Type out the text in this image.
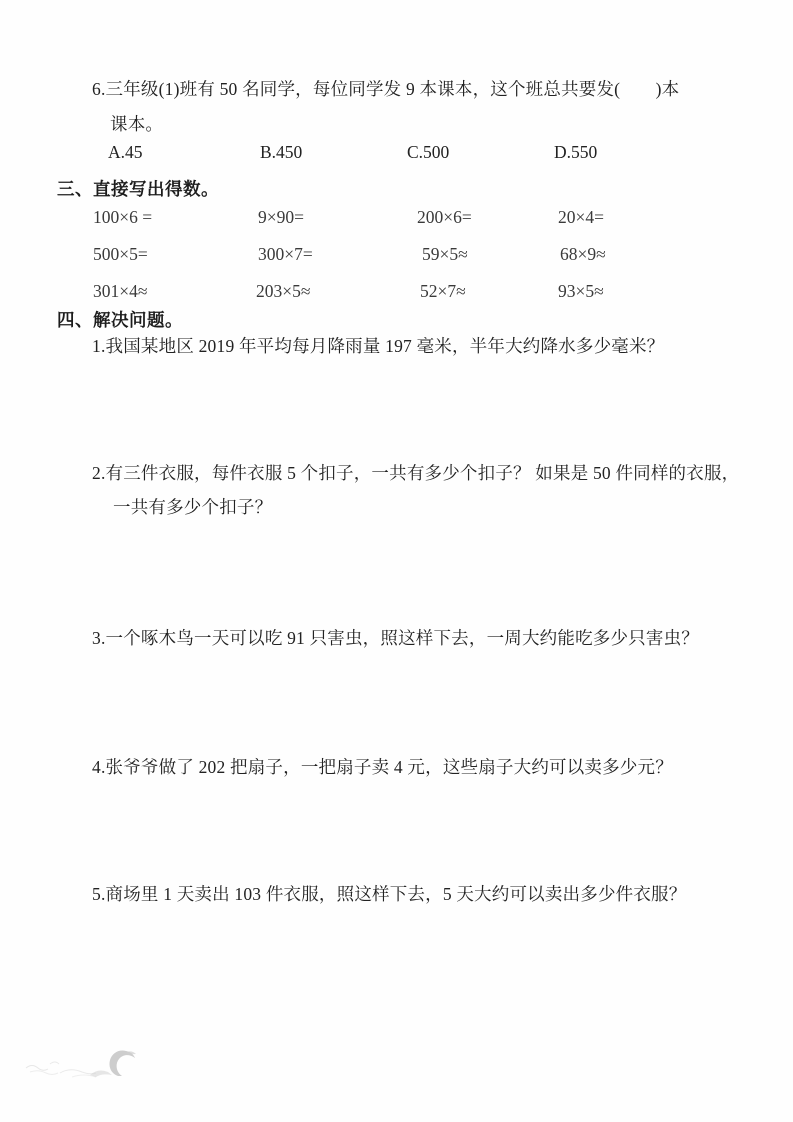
6.三年级(1)班有 50 名同学，每位同学发 9 本课本，这个班总共要发(　　)本
课本。
A.45	B.450	C.500	D.550
三、直接写出得数。
100×6 =	9×90=	200×6=	20×4=
500×5=	300×7=	59×5≈	68×9≈
301×4≈	203×5≈	52×7≈	93×5≈
四、解决问题。
1.我国某地区 2019 年平均每月降雨量 197 毫米，半年大约降水多少毫米？
2.有三件衣服，每件衣服 5 个扣子，一共有多少个扣子？ 如果是 50 件同样的衣服，
一共有多少个扣子？
3.一个啄木鸟一天可以吃 91 只害虫，照这样下去，一周大约能吃多少只害虫？
4.张爷爷做了 202 把扇子，一把扇子卖 4 元，这些扇子大约可以卖多少元？
5.商场里 1 天卖出 103 件衣服，照这样下去，5 天大约可以卖出多少件衣服？
